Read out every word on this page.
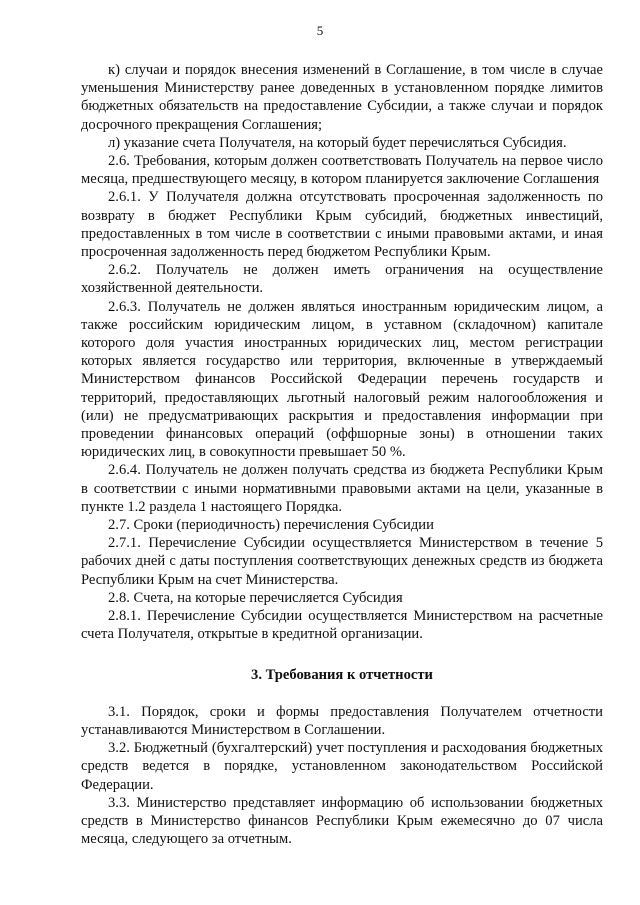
5

к) случаи и порядок внесения изменений в Соглашение, в том числе в случае уменьшения Министерству ранее доведенных в установленном порядке лимитов бюджетных обязательств на предоставление Субсидии, а также случаи и порядок досрочного прекращения Соглашения;

л) указание счета Получателя, на который будет перечисляться Субсидия.

2.6. Требования, которым должен соответствовать Получатель на первое число месяца, предшествующего месяцу, в котором планируется заключение Соглашения

2.6.1. У Получателя должна отсутствовать просроченная задолженность по возврату в бюджет Республики Крым субсидий, бюджетных инвестиций, предоставленных в том числе в соответствии с иными правовыми актами, и иная просроченная задолженность перед бюджетом Республики Крым.

2.6.2. Получатель не должен иметь ограничения на осуществление хозяйственной деятельности.

2.6.3. Получатель не должен являться иностранным юридическим лицом, а также российским юридическим лицом, в уставном (складочном) капитале которого доля участия иностранных юридических лиц, местом регистрации которых является государство или территория, включенные в утверждаемый Министерством финансов Российской Федерации перечень государств и территорий, предоставляющих льготный налоговый режим налогообложения и (или) не предусматривающих раскрытия и предоставления информации при проведении финансовых операций (оффшорные зоны) в отношении таких юридических лиц, в совокупности превышает 50 %.

2.6.4. Получатель не должен получать средства из бюджета Республики Крым в соответствии с иными нормативными правовыми актами на цели, указанные в пункте 1.2 раздела 1 настоящего Порядка.

2.7. Сроки (периодичность) перечисления Субсидии

2.7.1. Перечисление Субсидии осуществляется Министерством в течение 5 рабочих дней с даты поступления соответствующих денежных средств из бюджета Республики Крым на счет Министерства.

2.8. Счета, на которые перечисляется Субсидия

2.8.1. Перечисление Субсидии осуществляется Министерством на расчетные счета Получателя, открытые в кредитной организации.

3. Требования к отчетности

3.1. Порядок, сроки и формы предоставления Получателем отчетности устанавливаются Министерством в Соглашении.

3.2. Бюджетный (бухгалтерский) учет поступления и расходования бюджетных средств ведется в порядке, установленном законодательством Российской Федерации.

3.3. Министерство представляет информацию об использовании бюджетных средств в Министерство финансов Республики Крым ежемесячно до 07 числа месяца, следующего за отчетным.
